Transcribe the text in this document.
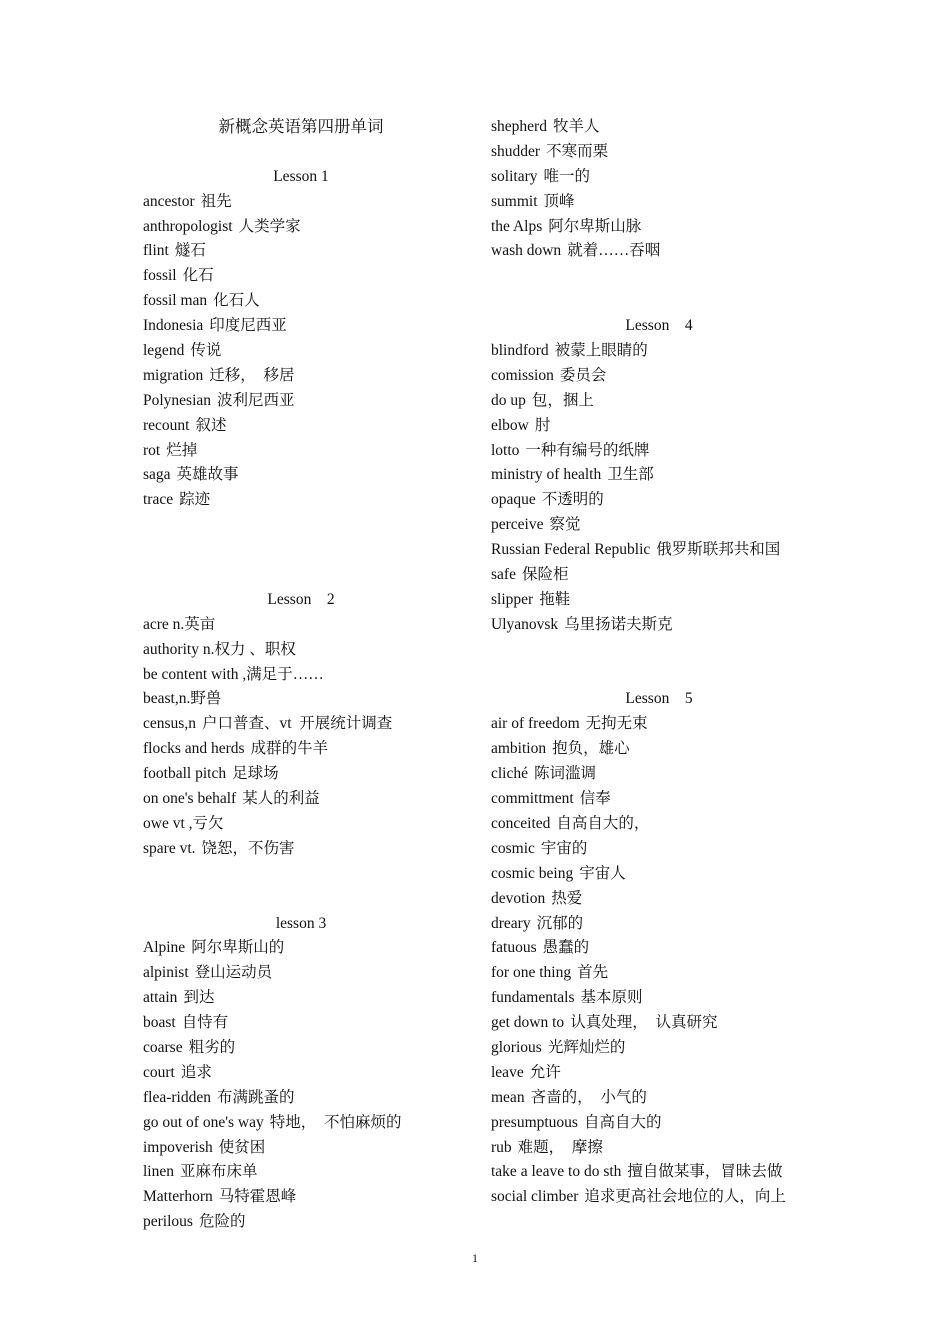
新概念英语第四册单词
Lesson 1
ancestor 祖先
anthropologist 人类学家
flint 燧石
fossil 化石
fossil man 化石人
Indonesia 印度尼西亚
legend 传说
migration 迁移，  移居
Polynesian 波利尼西亚
recount 叙述
rot 烂掉
saga 英雄故事
trace 踪迹
Lesson    2
acre n.英亩
authority n.权力 、职权
be content with ,满足于……
beast,n.野兽
census,n 户口普查、vt  开展统计调查
flocks and herds 成群的牛羊
football pitch 足球场
on one's behalf 某人的利益
owe vt ,亏欠
spare vt. 饶恕，不伤害
lesson 3
Alpine 阿尔卑斯山的
alpinist 登山运动员
attain 到达
boast 自恃有
coarse 粗劣的
court 追求
flea-ridden 布满跳蚤的
go out of one's way 特地，  不怕麻烦的
impoverish 使贫困
linen 亚麻布床单
Matterhorn 马特霍恩峰
perilous 危险的
shepherd 牧羊人
shudder 不寒而栗
solitary 唯一的
summit 顶峰
the Alps 阿尔卑斯山脉
wash down 就着……吞咽
Lesson    4
blindford 被蒙上眼睛的
comission 委员会
do up 包，捆上
elbow 肘
lotto 一种有编号的纸牌
ministry of health 卫生部
opaque 不透明的
perceive 察觉
Russian Federal Republic 俄罗斯联邦共和国
safe 保险柜
slipper 拖鞋
Ulyanovsk 乌里扬诺夫斯克
Lesson    5
air of freedom 无拘无束
ambition 抱负，雄心
cliché 陈词滥调
committment 信奉
conceited 自高自大的，
cosmic 宇宙的
cosmic being 宇宙人
devotion 热爱
dreary 沉郁的
fatuous 愚蠢的
for one thing 首先
fundamentals 基本原则
get down to 认真处理，  认真研究
glorious 光辉灿烂的
leave 允许
mean 吝啬的，  小气的
presumptuous 自高自大的
rub 难题，  摩擦
take a leave to do sth 擅自做某事，冒昧去做
social climber 追求更高社会地位的人，向上
1
